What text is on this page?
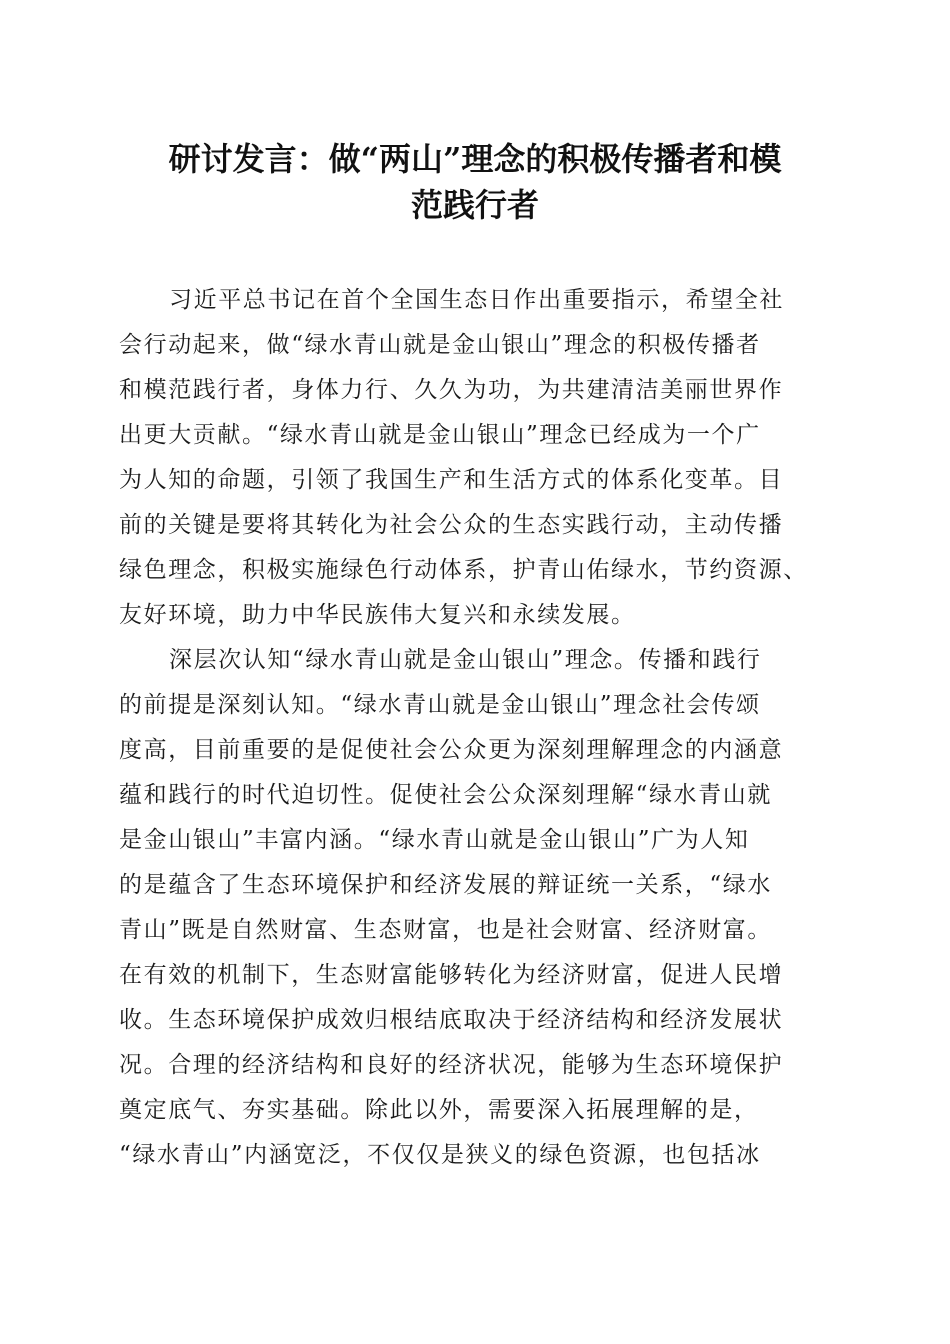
研讨发言：做“两山”理念的积极传播者和模
范践行者
习近平总书记在首个全国生态日作出重要指示，希望全社
会行动起来，做“绿水青山就是金山银山”理念的积极传播者
和模范践行者，身体力行、久久为功，为共建清洁美丽世界作
出更大贡献。“绿水青山就是金山银山”理念已经成为一个广
为人知的命题，引领了我国生产和生活方式的体系化变革。目
前的关键是要将其转化为社会公众的生态实践行动，主动传播
绿色理念，积极实施绿色行动体系，护青山佑绿水，节约资源、
友好环境，助力中华民族伟大复兴和永续发展。
深层次认知“绿水青山就是金山银山”理念。传播和践行
的前提是深刻认知。“绿水青山就是金山银山”理念社会传颂
度高，目前重要的是促使社会公众更为深刻理解理念的内涵意
蕴和践行的时代迫切性。促使社会公众深刻理解“绿水青山就
是金山银山”丰富内涵。“绿水青山就是金山银山”广为人知
的是蕴含了生态环境保护和经济发展的辩证统一关系，“绿水
青山”既是自然财富、生态财富，也是社会财富、经济财富。
在有效的机制下，生态财富能够转化为经济财富，促进人民增
收。生态环境保护成效归根结底取决于经济结构和经济发展状
况。合理的经济结构和良好的经济状况，能够为生态环境保护
奠定底气、夯实基础。除此以外，需要深入拓展理解的是，
“绿水青山”内涵宽泛，不仅仅是狭义的绿色资源，也包括冰
